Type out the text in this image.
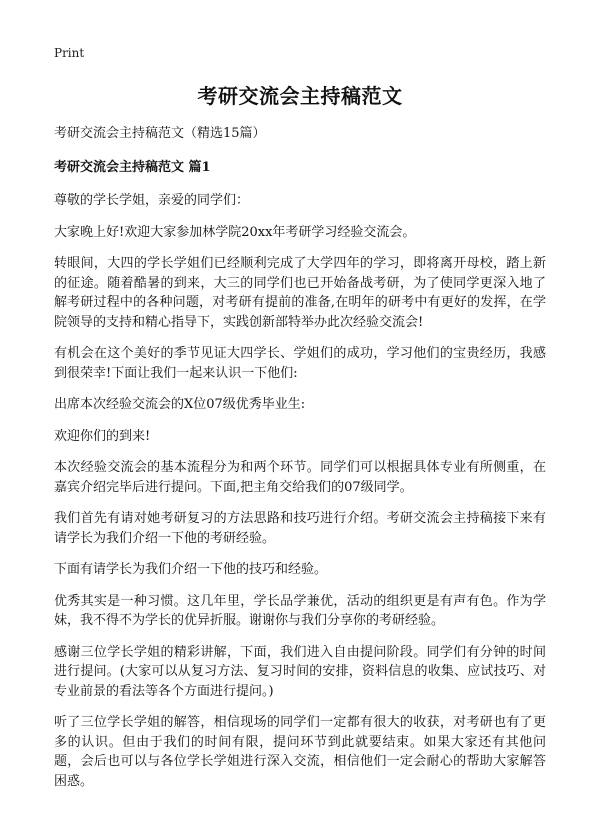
Print
考研交流会主持稿范文

考研交流会主持稿范文（精选15篇）

考研交流会主持稿范文 篇1

尊敬的学长学姐，亲爱的同学们：

大家晚上好!欢迎大家参加林学院20xx年考研学习经验交流会。

转眼间，大四的学长学姐们已经顺利完成了大学四年的学习，即将离开母校，踏上新的征途。随着酷暑的到来，大三的同学们也已开始备战考研，为了使同学更深入地了解考研过程中的各种问题，对考研有提前的准备,在明年的研考中有更好的发挥，在学院领导的支持和精心指导下，实践创新部特举办此次经验交流会!

有机会在这个美好的季节见证大四学长、学姐们的成功，学习他们的宝贵经历，我感到很荣幸!下面让我们一起来认识一下他们:

出席本次经验交流会的X位07级优秀毕业生:

欢迎你们的到来!

本次经验交流会的基本流程分为和两个环节。同学们可以根据具体专业有所侧重，在嘉宾介绍完毕后进行提问。下面,把主角交给我们的07级同学。

我们首先有请对她考研复习的方法思路和技巧进行介绍。考研交流会主持稿接下来有请学长为我们介绍一下他的考研经验。

下面有请学长为我们介绍一下他的技巧和经验。

优秀其实是一种习惯。这几年里，学长品学兼优，活动的组织更是有声有色。作为学妹，我不得不为学长的优异折服。谢谢你与我们分享你的考研经验。

感谢三位学长学姐的精彩讲解，下面，我们进入自由提问阶段。同学们有分钟的时间进行提问。(大家可以从复习方法、复习时间的安排，资料信息的收集、应试技巧、对专业前景的看法等各个方面进行提问。)

听了三位学长学姐的解答，相信现场的同学们一定都有很大的收获，对考研也有了更多的认识。但由于我们的时间有限，提问环节到此就要结束。如果大家还有其他问题，会后也可以与各位学长学姐进行深入交流，相信他们一定会耐心的帮助大家解答困惑。
